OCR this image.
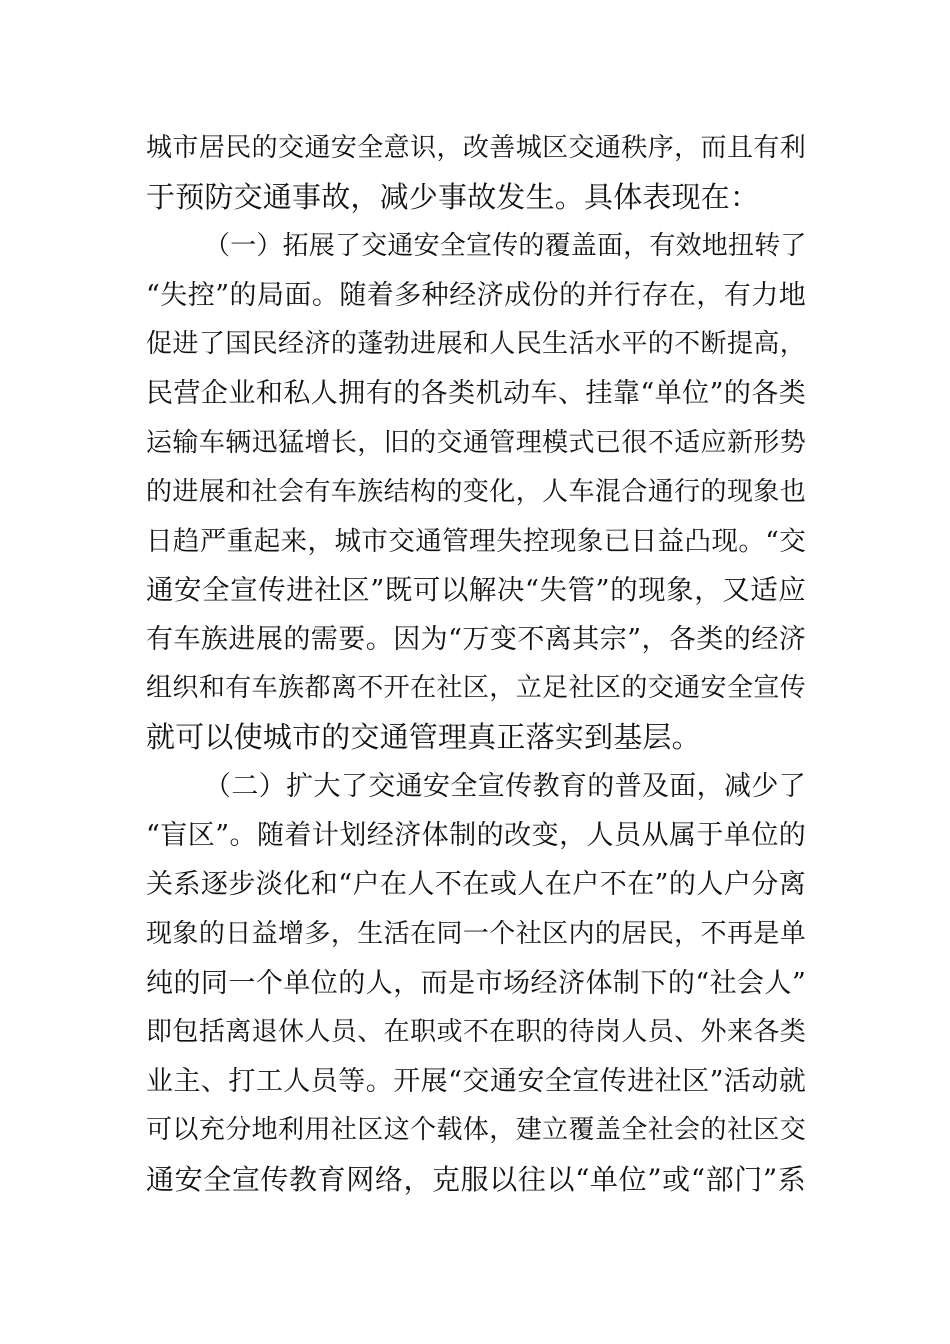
城市居民的交通安全意识，改善城区交通秩序，而且有利
于预防交通事故，减少事故发生。具体表现在：
（一）拓展了交通安全宣传的覆盖面，有效地扭转了
“失控”的局面。随着多种经济成份的并行存在，有力地
促进了国民经济的蓬勃进展和人民生活水平的不断提高，
民营企业和私人拥有的各类机动车、挂靠“单位”的各类
运输车辆迅猛增长，旧的交通管理模式已很不适应新形势
的进展和社会有车族结构的变化，人车混合通行的现象也
日趋严重起来，城市交通管理失控现象已日益凸现。“交
通安全宣传进社区”既可以解决“失管”的现象，又适应
有车族进展的需要。因为“万变不离其宗”，各类的经济
组织和有车族都离不开在社区，立足社区的交通安全宣传
就可以使城市的交通管理真正落实到基层。
（二）扩大了交通安全宣传教育的普及面，减少了
“盲区”。随着计划经济体制的改变，人员从属于单位的
关系逐步淡化和“户在人不在或人在户不在”的人户分离
现象的日益增多，生活在同一个社区内的居民，不再是单
纯的同一个单位的人，而是市场经济体制下的“社会人”
即包括离退休人员、在职或不在职的待岗人员、外来各类
业主、打工人员等。开展“交通安全宣传进社区”活动就
可以充分地利用社区这个载体，建立覆盖全社会的社区交
通安全宣传教育网络，克服以往以“单位”或“部门”系
